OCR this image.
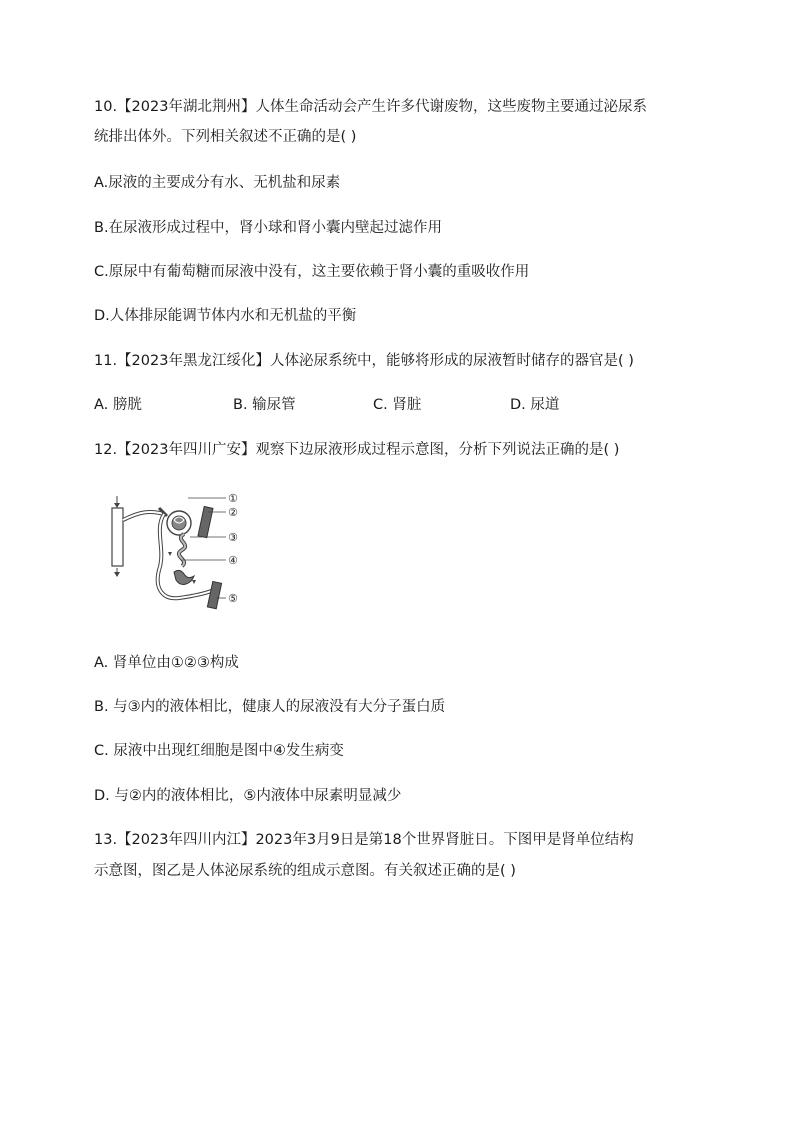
10.【2023年湖北荆州】人体生命活动会产生许多代谢废物，这些废物主要通过泌尿系
统排出体外。下列相关叙述不正确的是( )
A.尿液的主要成分有水、无机盐和尿素
B.在尿液形成过程中，肾小球和肾小囊内壁起过滤作用
C.原尿中有葡萄糖而尿液中没有，这主要依赖于肾小囊的重吸收作用
D.人体排尿能调节体内水和无机盐的平衡
11.【2023年黑龙江绥化】人体泌尿系统中，能够将形成的尿液暂时储存的器官是( )
A. 膀胱	B. 输尿管	C. 肾脏	D. 尿道
12.【2023年四川广安】观察下边尿液形成过程示意图，分析下列说法正确的是( )
①
②
③
④
⑤
A. 肾单位由①②③构成
B. 与③内的液体相比，健康人的尿液没有大分子蛋白质
C. 尿液中出现红细胞是图中④发生病变
D. 与②内的液体相比，⑤内液体中尿素明显减少
13.【2023年四川内江】2023年3月9日是第18个世界肾脏日。下图甲是肾单位结构
示意图，图乙是人体泌尿系统的组成示意图。有关叙述正确的是( )
